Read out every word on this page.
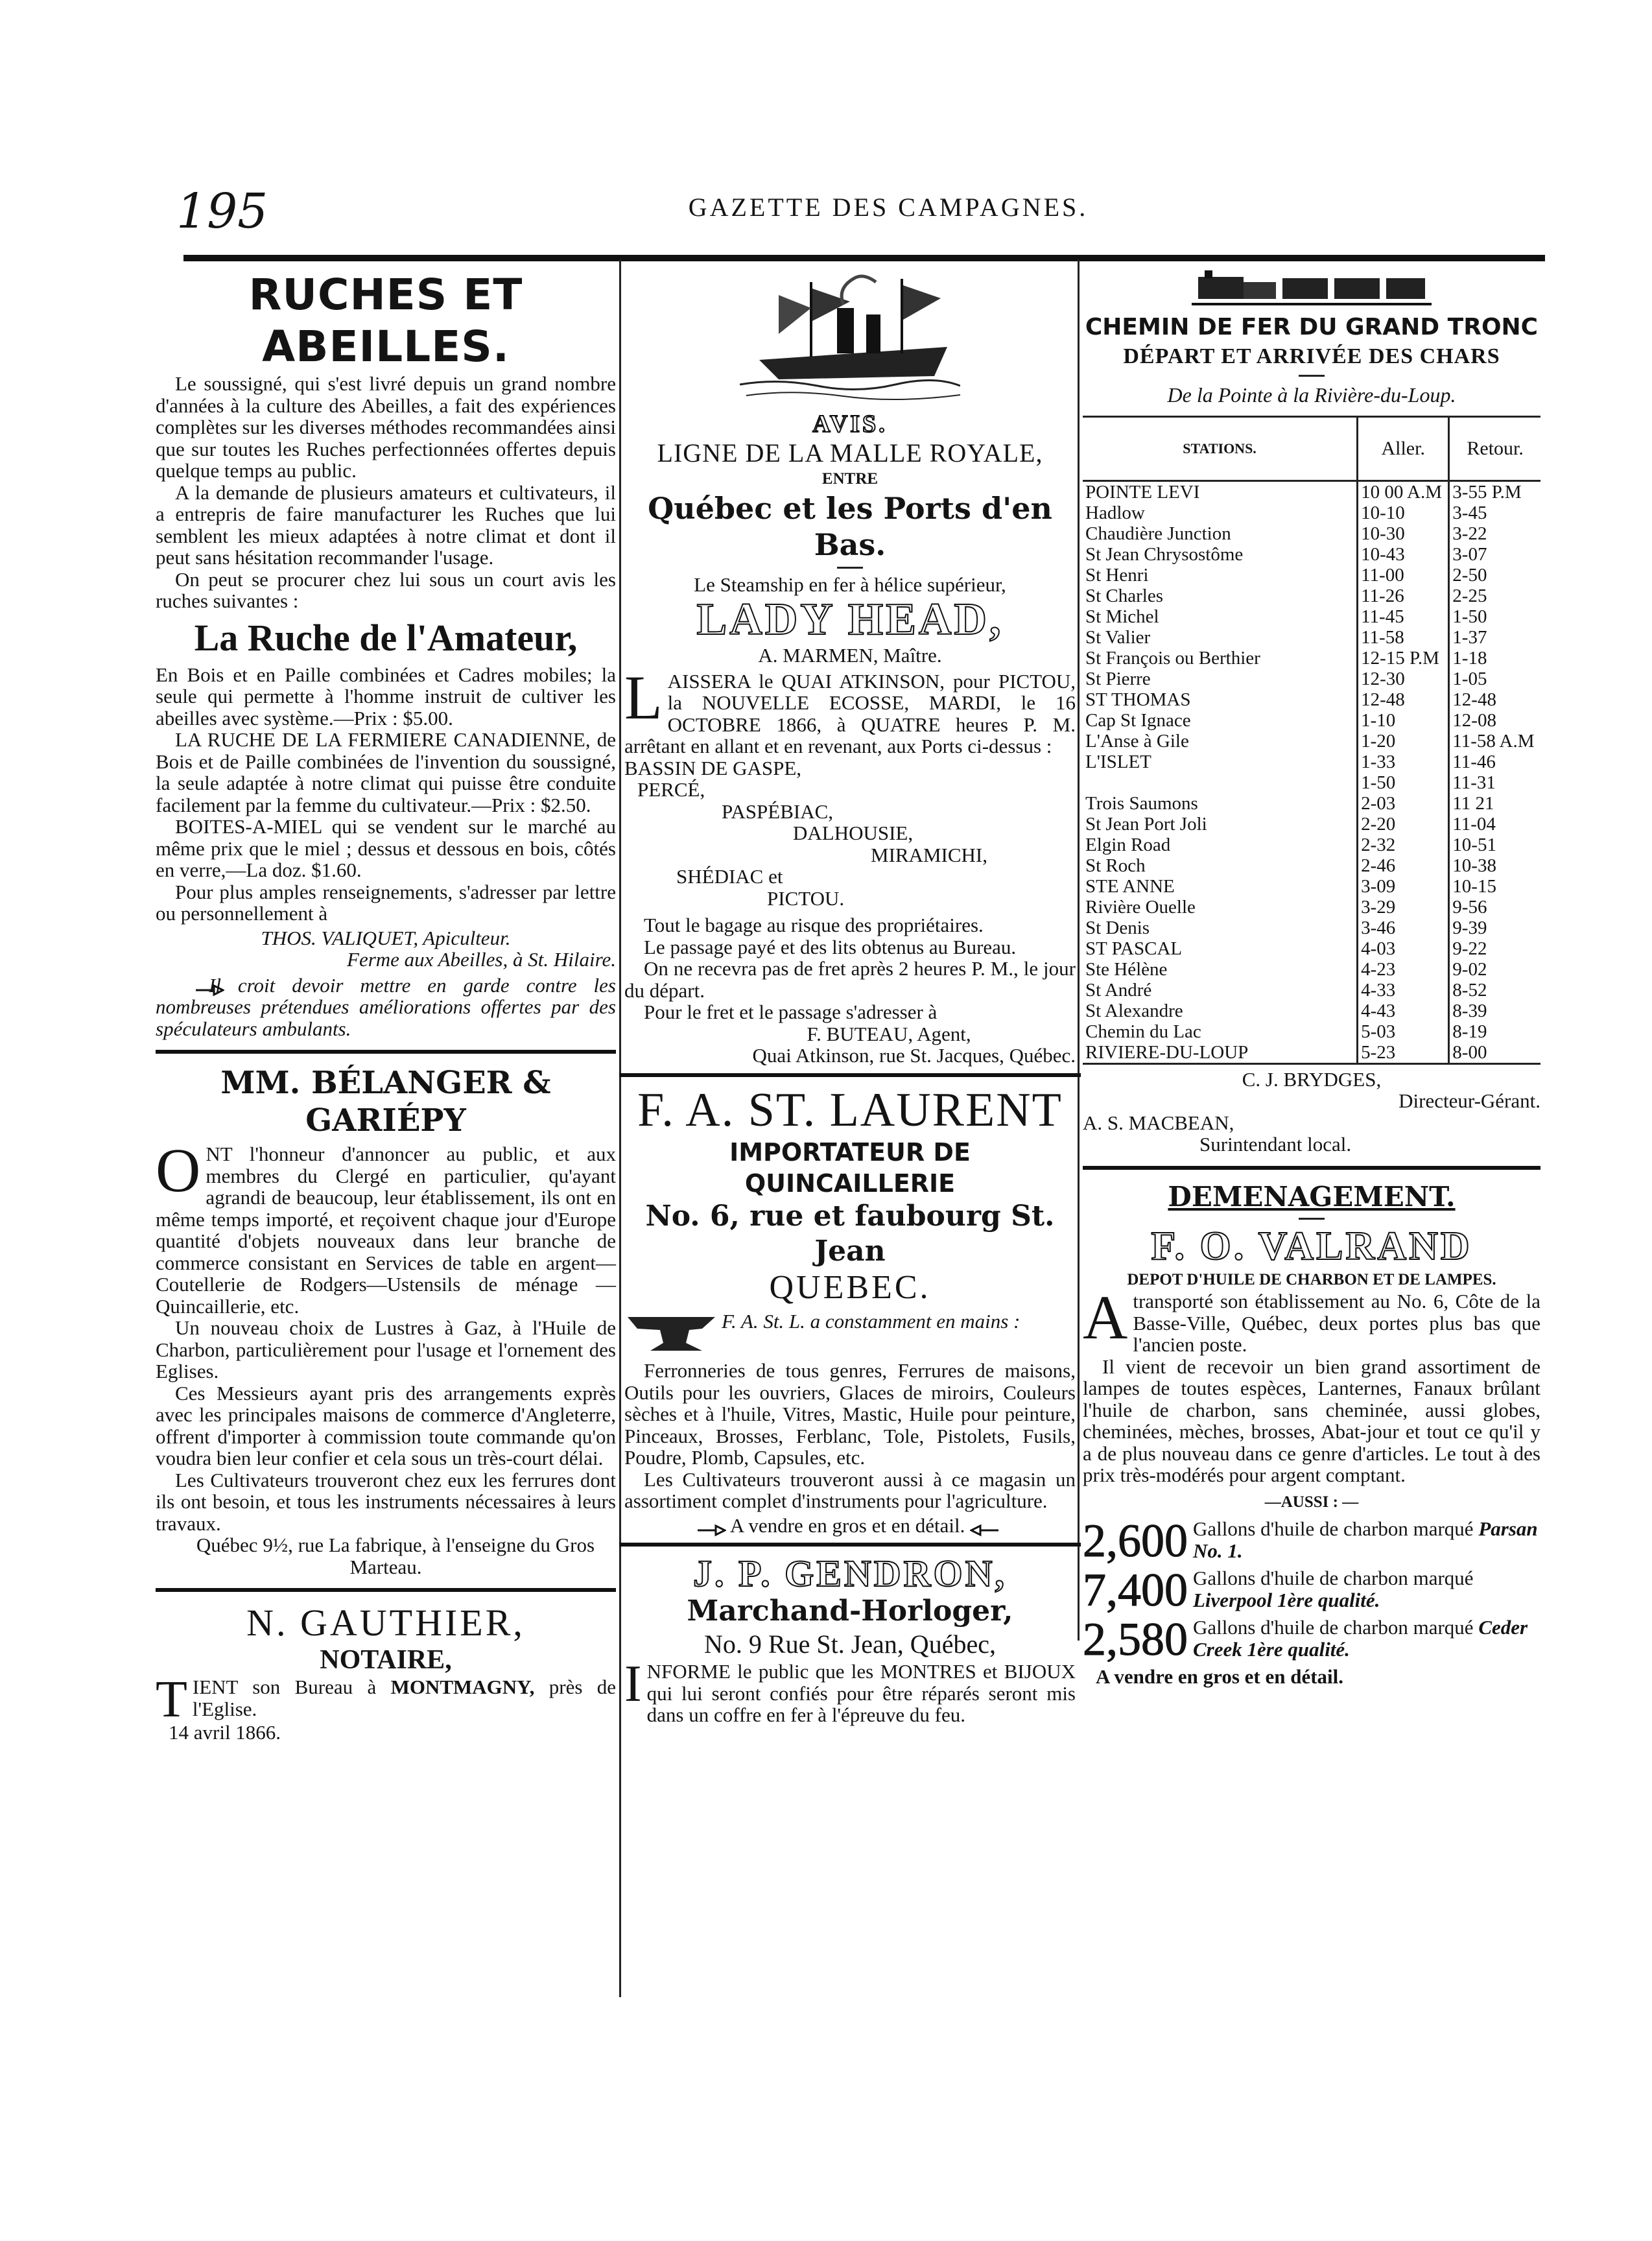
195	GAZETTE DES CAMPAGNES.
RUCHES ET ABEILLES.

Le soussigné, qui s'est livré depuis un grand nombre d'années à la culture des Abeilles, a fait des expériences complètes sur les diverses méthodes recommandées ainsi que sur toutes les Ruches perfectionnées offertes depuis quelque temps au public.

A la demande de plusieurs amateurs et cultivateurs, il a entrepris de faire manufacturer les Ruches que lui semblent les mieux adaptées à notre climat et dont il peut sans hésitation recommander l'usage.

On peut se procurer chez lui sous un court avis les ruches suivantes :

La Ruche de l'Amateur,

En Bois et en Paille combinées et Cadres mobiles; la seule qui permette à l'homme instruit de cultiver les abeilles avec système.—Prix : $5.00.

LA RUCHE DE LA FERMIERE CANADIENNE, de Bois et de Paille combinées de l'invention du soussigné, la seule adaptée à notre climat qui puisse être conduite facilement par la femme du cultivateur.—Prix : $2.50.

BOITES-A-MIEL qui se vendent sur le marché au même prix que le miel ; dessus et dessous en bois, côtés en verre,—La doz. $1.60.

Pour plus amples renseignements, s'adresser par lettre ou personnellement à

THOS. VALIQUET, Apiculteur.
Ferme aux Abeilles, à St. Hilaire.

Il croit devoir mettre en garde contre les nombreuses prétendues améliorations offertes par des spéculateurs ambulants.

MM. BÉLANGER & GARIÉPY

ONT l'honneur d'annoncer au public, et aux membres du Clergé en particulier, qu'ayant agrandi de beaucoup, leur établissement, ils ont en même temps importé, et reçoivent chaque jour d'Europe quantité d'objets nouveaux dans leur branche de commerce consistant en Services de table en argent—Coutellerie de Rodgers—Ustensils de ménage — Quincaillerie, etc.

Un nouveau choix de Lustres à Gaz, à l'Huile de Charbon, particulièrement pour l'usage et l'ornement des Eglises.

Ces Messieurs ayant pris des arrangements exprès avec les principales maisons de commerce d'Angleterre, offrent d'importer à commission toute commande qu'on voudra bien leur confier et cela sous un très-court délai.

Les Cultivateurs trouveront chez eux les ferrures dont ils ont besoin, et tous les instruments nécessaires à leurs travaux.

Québec 9½, rue La fabrique, à l'enseigne du Gros Marteau.

N. GAUTHIER,
NOTAIRE,

TIENT son Bureau à MONTMAGNY, près de l'Eglise.

14 avril 1866.
AVIS.
LIGNE DE LA MALLE ROYALE,
ENTRE
Québec et les Ports d'en Bas.

Le Steamship en fer à hélice supérieur,

LADY HEAD,
A. MARMEN, Maître.

LAISSERA le QUAI ATKINSON, pour PICTOU, la NOUVELLE ECOSSE, MARDI, le 16 OCTOBRE 1866, à QUATRE heures P. M. arrêtant en allant et en revenant, aux Ports ci-dessus :

BASSIN DE GASPE,
PERCÉ,
PASPÉBIAC,
DALHOUSIE,
MIRAMICHI,
SHÉDIAC et
PICTOU.

Tout le bagage au risque des propriétaires.

Le passage payé et des lits obtenus au Bureau.

On ne recevra pas de fret après 2 heures P. M., le jour du départ.

Pour le fret et le passage s'adresser à

F. BUTEAU, Agent,
Quai Atkinson, rue St. Jacques, Québec.
F. A. ST. LAURENT
IMPORTATEUR DE QUINCAILLERIE
No. 6, rue et faubourg St. Jean
QUEBEC.

F. A. St. L. a constamment en mains :

Ferronneries de tous genres, Ferrures de maisons, Outils pour les ouvriers, Glaces de miroirs, Couleurs sèches et à l'huile, Vitres, Mastic, Huile pour peinture, Pinceaux, Brosses, Ferblanc, Tole, Pistolets, Fusils, Poudre, Plomb, Capsules, etc.

Les Cultivateurs trouveront aussi à ce magasin un assortiment complet d'instruments pour l'agriculture.

A vendre en gros et en détail.

J. P. GENDRON,
Marchand-Horloger,
No. 9 Rue St. Jean, Québec,

INFORME le public que les MONTRES et BIJOUX qui lui seront confiés pour être réparés seront mis dans un coffre en fer à l'épreuve du feu.

CHEMIN DE FER DU GRAND TRONC
DÉPART ET ARRIVÉE DES CHARS
De la Pointe à la Rivière-du-Loup.
STATIONS.	Aller.	Retour.
POINTE LEVI	10 00 A.M	3-55 P.M
Hadlow	10-10	3-45
Chaudière Junction	10-30	3-22
St Jean Chrysostôme	10-43	3-07
St Henri	11-00	2-50
St Charles	11-26	2-25
St Michel	11-45	1-50
St Valier	11-58	1-37
St François ou Berthier	12-15 P.M	1-18
St Pierre	12-30	1-05
ST THOMAS	12-48	12-48
Cap St Ignace	1-10	12-08
L'Anse à Gile	1-20	11-58 A.M
L'ISLET	1-33	11-46
	1-50	11-31
Trois Saumons	2-03	11 21
St Jean Port Joli	2-20	11-04
Elgin Road	2-32	10-51
St Roch	2-46	10-38
STE ANNE	3-09	10-15
Rivière Ouelle	3-29	9-56
St Denis	3-46	9-39
ST PASCAL	4-03	9-22
Ste Hélène	4-23	9-02
St André	4-33	8-52
St Alexandre	4-43	8-39
Chemin du Lac	5-03	8-19
RIVIERE-DU-LOUP	5-23	8-00
C. J. BRYDGES,
Directeur-Gérant.
A. S. MACBEAN,
Surintendant local.
DEMENAGEMENT.
F. O. VALRAND
DEPOT D'HUILE DE CHARBON ET DE LAMPES.

Atransporté son établissement au No. 6, Côte de la Basse-Ville, Québec, deux portes plus bas que l'ancien poste.

Il vient de recevoir un bien grand assortiment de lampes de toutes espèces, Lanternes, Fanaux brûlant l'huile de charbon, sans cheminée, aussi globes, cheminées, mèches, brosses, Abat-jour et tout ce qu'il y a de plus nouveau dans ce genre d'articles. Le tout à des prix très-modérés pour argent comptant.

—AUSSI : —
2,600 Gallons d'huile de charbon marqué Parsan No. 1.
7,400 Gallons d'huile de charbon marqué Liverpool 1ère qualité.
2,580 Gallons d'huile de charbon marqué Ceder Creek 1ère qualité.
A vendre en gros et en détail.
